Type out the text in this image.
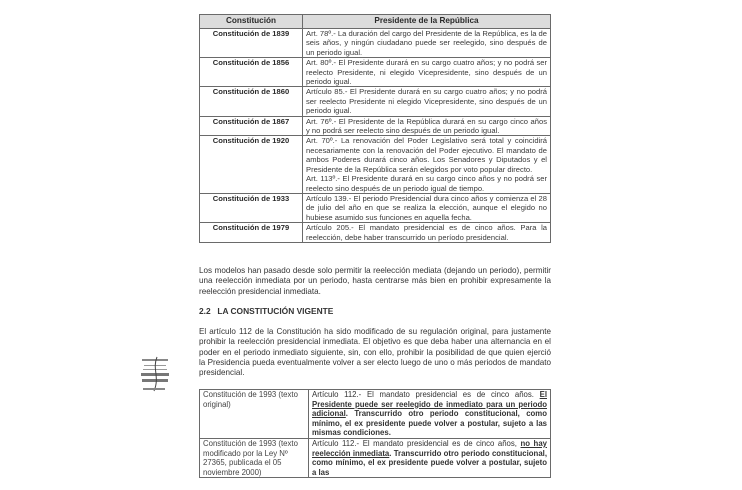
Constitución	Presidente de la República
Constitución de 1839	Art. 78º.- La duración del cargo del Presidente de la República, es la de seis años, y ningún ciudadano puede ser reelegido, sino después de un periodo igual.
Constitución de 1856	Art. 80º.- El Presidente durará en su cargo cuatro años; y no podrá ser reelecto Presidente, ni elegido Vicepresidente, sino después de un periodo igual.
Constitución de 1860	Artículo 85.- El Presidente durará en su cargo cuatro años; y no podrá ser reelecto Presidente ni elegido Vicepresidente, sino después de un periodo igual.
Constitución de 1867	Art. 76º.- El Presidente de la República durará en su cargo cinco años y no podrá ser reelecto sino después de un periodo igual.
Constitución de 1920	Art. 70º.- La renovación del Poder Legislativo será total y coincidirá necesariamente con la renovación del Poder ejecutivo. El mandato de ambos Poderes durará cinco años. Los Senadores y Diputados y el Presidente de la República serán elegidos por voto popular directo.
Art. 113º.- El Presidente durará en su cargo cinco años y no podrá ser reelecto sino después de un periodo igual de tiempo.

Constitución de 1933	Artículo 139.- El periodo Presidencial dura cinco años y comienza el 28 de julio del año en que se realiza la elección, aunque el elegido no hubiese asumido sus funciones en aquella fecha.
Constitución de 1979	Artículo 205.- El mandato presidencial es de cinco años. Para la reelección, debe haber transcurrido un período presidencial.
Los modelos han pasado desde solo permitir la reelección mediata (dejando un periodo), permitir una reelección inmediata por un periodo, hasta centrarse más bien en prohibir expresamente la reelección presidencial inmediata.
2.2 LA CONSTITUCIÓN VIGENTE
El artículo 112 de la Constitución ha sido modificado de su regulación original, para justamente prohibir la reelección presidencial inmediata. El objetivo es que deba haber una alternancia en el poder en el periodo inmediato siguiente, sin, con ello, prohibir la posibilidad de que quien ejerció la Presidencia pueda eventualmente volver a ser electo luego de uno o más periodos de mandato presidencial.
Constitución de 1993 (texto original)	Artículo 112.- El mandato presidencial es de cinco años. El Presidente puede ser reelegido de inmediato para un periodo adicional. Transcurrido otro periodo constitucional, como mínimo, el ex presidente puede volver a postular, sujeto a las mismas condiciones.
Constitución de 1993 (texto modificado por la Ley Nº 27365, publicada el 05 noviembre 2000)	Artículo 112.- El mandato presidencial es de cinco años, no hay reelección inmediata. Transcurrido otro periodo constitucional, como mínimo, el ex presidente puede volver a postular, sujeto a las
